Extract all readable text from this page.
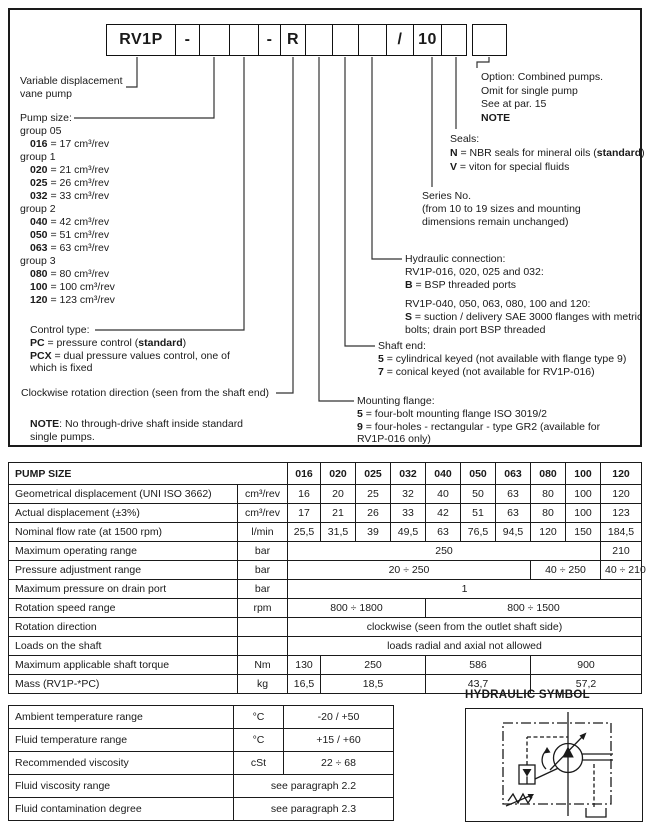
RV1P	-	- R	/ 10
Variable displacement
vane pump
Pump size:
group 05
016 = 17 cm³/rev
group 1
020 = 21 cm³/rev
025 = 26 cm³/rev
032 = 33 cm³/rev
group 2
040 = 42 cm³/rev
050 = 51 cm³/rev
063 = 63 cm³/rev
group 3
080 = 80 cm³/rev
100 = 100 cm³/rev
120 = 123 cm³/rev
Control type:
PC = pressure control (standard)
PCX = dual pressure values control, one of
which is fixed
Clockwise rotation direction (seen from the shaft end)
NOTE: No through-drive shaft inside standard
single pumps.
Option: Combined pumps.
Omit for single pump
See at par. 15
NOTE
Seals:
N = NBR seals for mineral oils (standard)
V = viton for special fluids
Series No.
(from 10 to 19 sizes and mounting
dimensions remain unchanged)
Hydraulic connection:
RV1P-016, 020, 025 and 032:
B = BSP threaded ports
RV1P-040, 050, 063, 080, 100 and 120:
S = suction / delivery SAE 3000 flanges with metric
bolts; drain port BSP threaded
Shaft end:
5 = cylindrical keyed (not available with flange type 9)
7 = conical keyed (not available for RV1P-016)
Mounting flange:
5 = four-bolt mounting flange ISO 3019/2
9 = four-holes - rectangular - type GR2 (available for
RV1P-016 only)
PUMP SIZE		016	020	025	032	040	050	063	080	100	120
Geometrical displacement (UNI ISO 3662)	cm³/rev	16	20	25	32	40	50	63	80	100	120
Actual displacement (±3%)	cm³/rev	17	21	26	33	42	51	63	80	100	123
Nominal flow rate (at 1500 rpm)	l/min	25,5	31,5	39	49,5	63	76,5	94,5	120	150	184,5
Maximum operating range	bar	250									210
Pressure adjustment range	bar	20 ÷ 250							40 ÷ 250		40 ÷ 210
Maximum pressure on drain port	bar	1									
Rotation speed range	rpm	800 ÷ 1800				800 ÷ 1500					
Rotation direction		clockwise (seen from the outlet shaft side)									
Loads on the shaft		loads radial and axial not allowed									
Maximum applicable shaft torque	Nm	130	250			586			900		
Mass (RV1P-*PC)	kg	16,5	18,5			43,7			57,2		
Ambient temperature range	°C	-20 / +50
Fluid temperature range	°C	+15 / +60
Recommended viscosity	cSt	22 ÷ 68
Fluid viscosity range	see paragraph 2.2	
Fluid contamination degree	see paragraph 2.3	
HYDRAULIC SYMBOL
